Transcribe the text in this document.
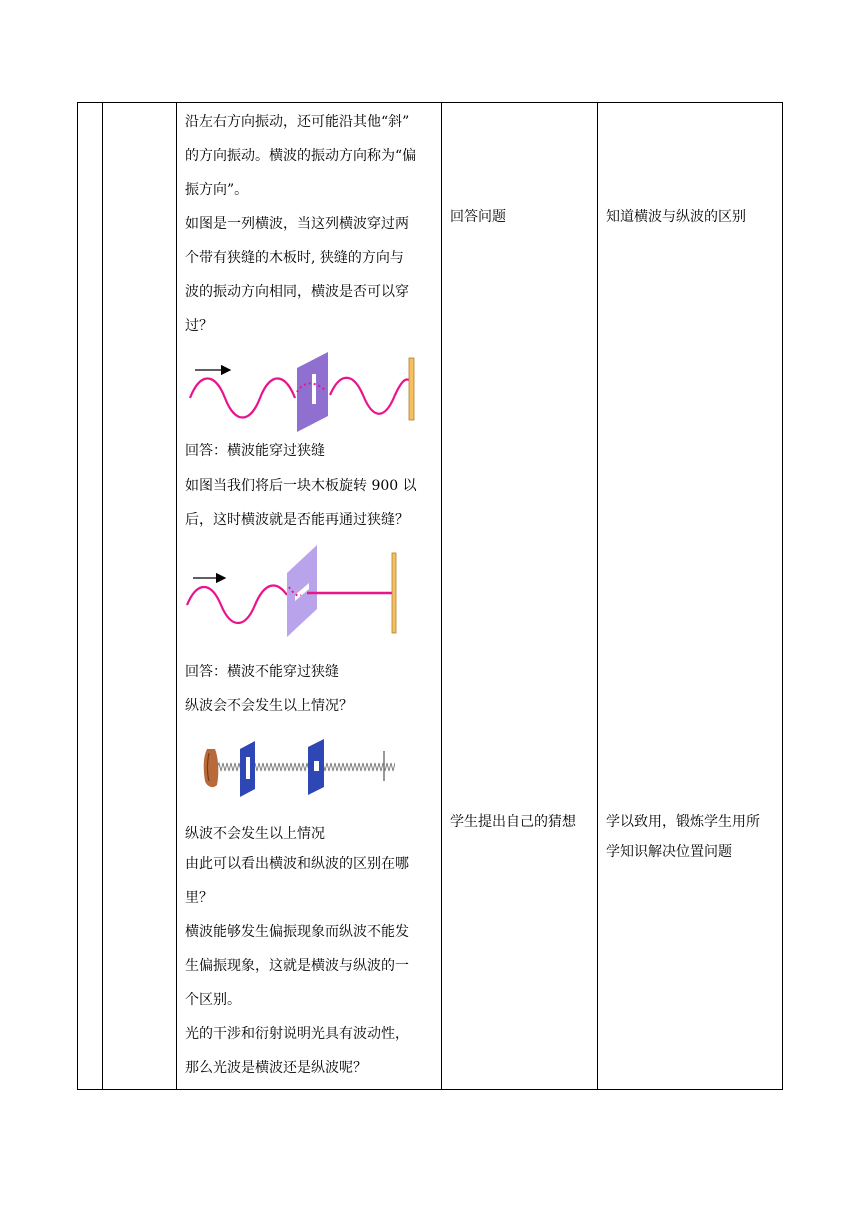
沿左右方向振动，还可能沿其他“斜”
的方向振动。横波的振动方向称为“偏
振方向”。
如图是一列横波，当这列横波穿过两
个带有狭缝的木板时, 狭缝的方向与
波的振动方向相同，横波是否可以穿
过？
回答：横波能穿过狭缝
如图当我们将后一块木板旋转 900 以
后，这时横波就是否能再通过狭缝？
回答：横波不能穿过狭缝
纵波会不会发生以上情况？
纵波不会发生以上情况
由此可以看出横波和纵波的区别在哪
里？
横波能够发生偏振现象而纵波不能发
生偏振现象，这就是横波与纵波的一
个区别。
光的干涉和衍射说明光具有波动性，
那么光波是横波还是纵波呢？
回答问题
学生提出自己的猜想
知道横波与纵波的区别
学以致用，锻炼学生用所
学知识解决位置问题
